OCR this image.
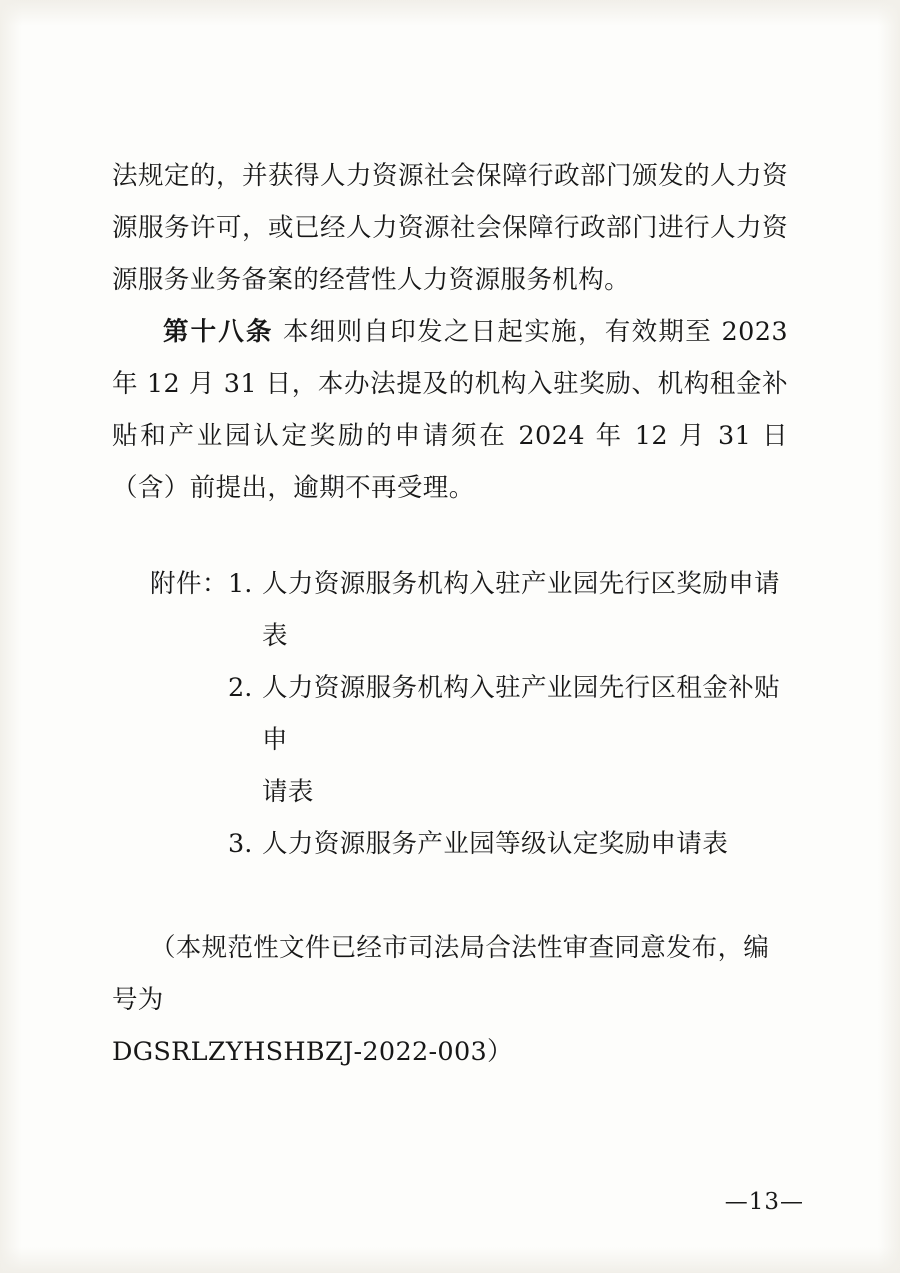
法规定的，并获得人力资源社会保障行政部门颁发的人力资源服务许可，或已经人力资源社会保障行政部门进行人力资源服务业务备案的经营性人力资源服务机构。

第十八条 本细则自印发之日起实施，有效期至 2023 年 12 月 31 日，本办法提及的机构入驻奖励、机构租金补贴和产业园认定奖励的申请须在 2024 年 12 月 31 日（含）前提出，逾期不再受理。

附件： 1. 人力资源服务机构入驻产业园先行区奖励申请表
2. 人力资源服务机构入驻产业园先行区租金补贴申
请表
3. 人力资源服务产业园等级认定奖励申请表
（本规范性文件已经市司法局合法性审查同意发布，编号为
DGSRLZYHSHBZJ-2022-003）
—13—
